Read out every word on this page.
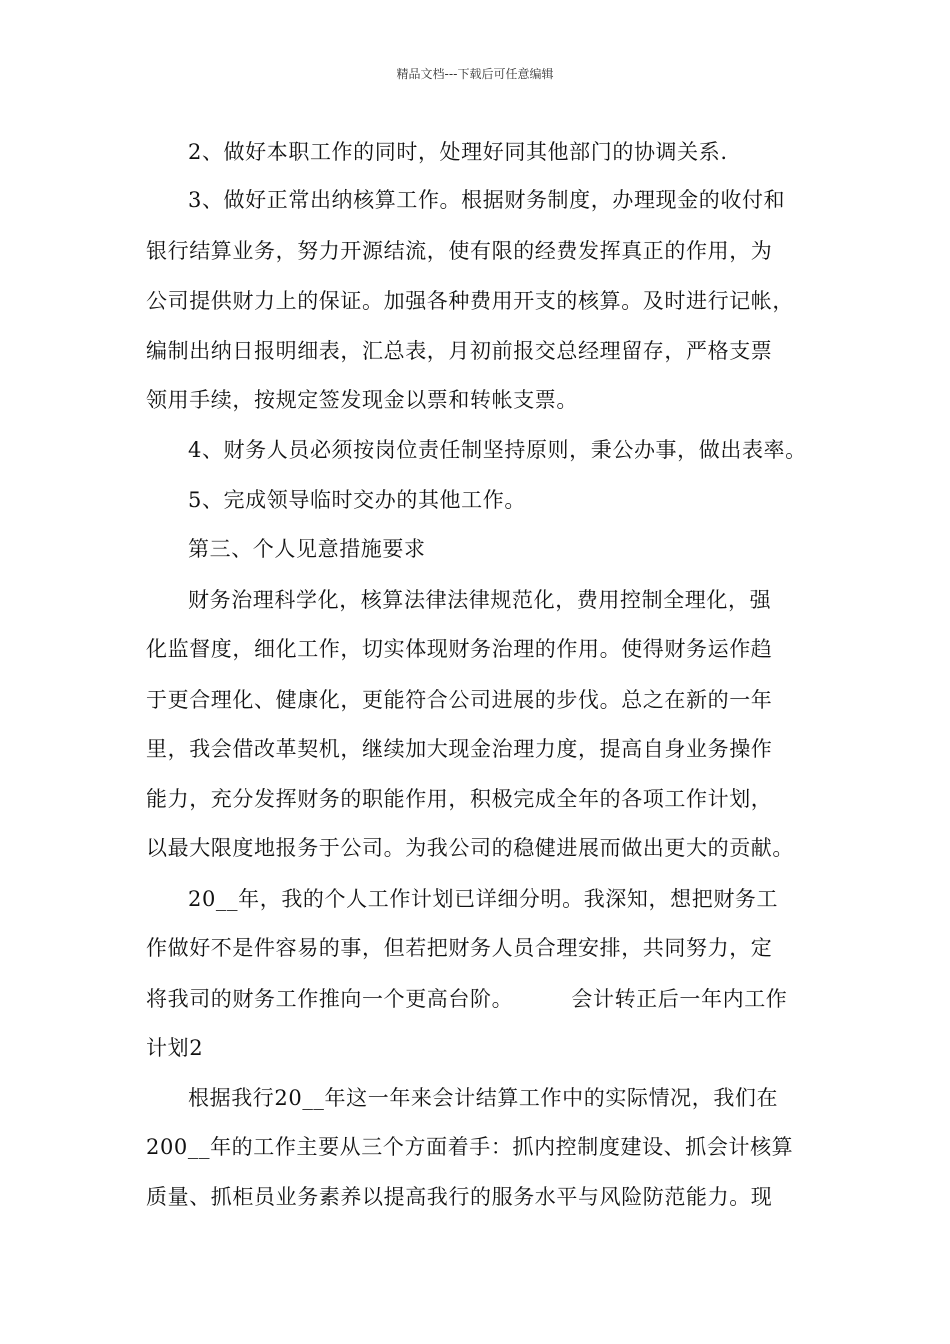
精品文档---下载后可任意编辑
2、做好本职工作的同时，处理好同其他部门的协调关系.
3、做好正常出纳核算工作。根据财务制度，办理现金的收付和
银行结算业务，努力开源结流，使有限的经费发挥真正的作用，为
公司提供财力上的保证。加强各种费用开支的核算。及时进行记帐，
编制出纳日报明细表，汇总表，月初前报交总经理留存，严格支票
领用手续，按规定签发现金以票和转帐支票。
4、财务人员必须按岗位责任制坚持原则，秉公办事，做出表率。
5、完成领导临时交办的其他工作。
第三、个人见意措施要求
财务治理科学化，核算法律法律规范化，费用控制全理化，强
化监督度，细化工作，切实体现财务治理的作用。使得财务运作趋
于更合理化、健康化，更能符合公司进展的步伐。总之在新的一年
里，我会借改革契机，继续加大现金治理力度，提高自身业务操作
能力，充分发挥财务的职能作用，积极完成全年的各项工作计划，
以最大限度地报务于公司。为我公司的稳健进展而做出更大的贡献。
20__年，我的个人工作计划已详细分明。我深知，想把财务工
作做好不是件容易的事，但若把财务人员合理安排，共同努力，定
将我司的财务工作推向一个更高台阶。        会计转正后一年内工作
计划2
根据我行20__年这一年来会计结算工作中的实际情况，我们在
200__年的工作主要从三个方面着手：抓内控制度建设、抓会计核算
质量、抓柜员业务素养以提高我行的服务水平与风险防范能力。现
